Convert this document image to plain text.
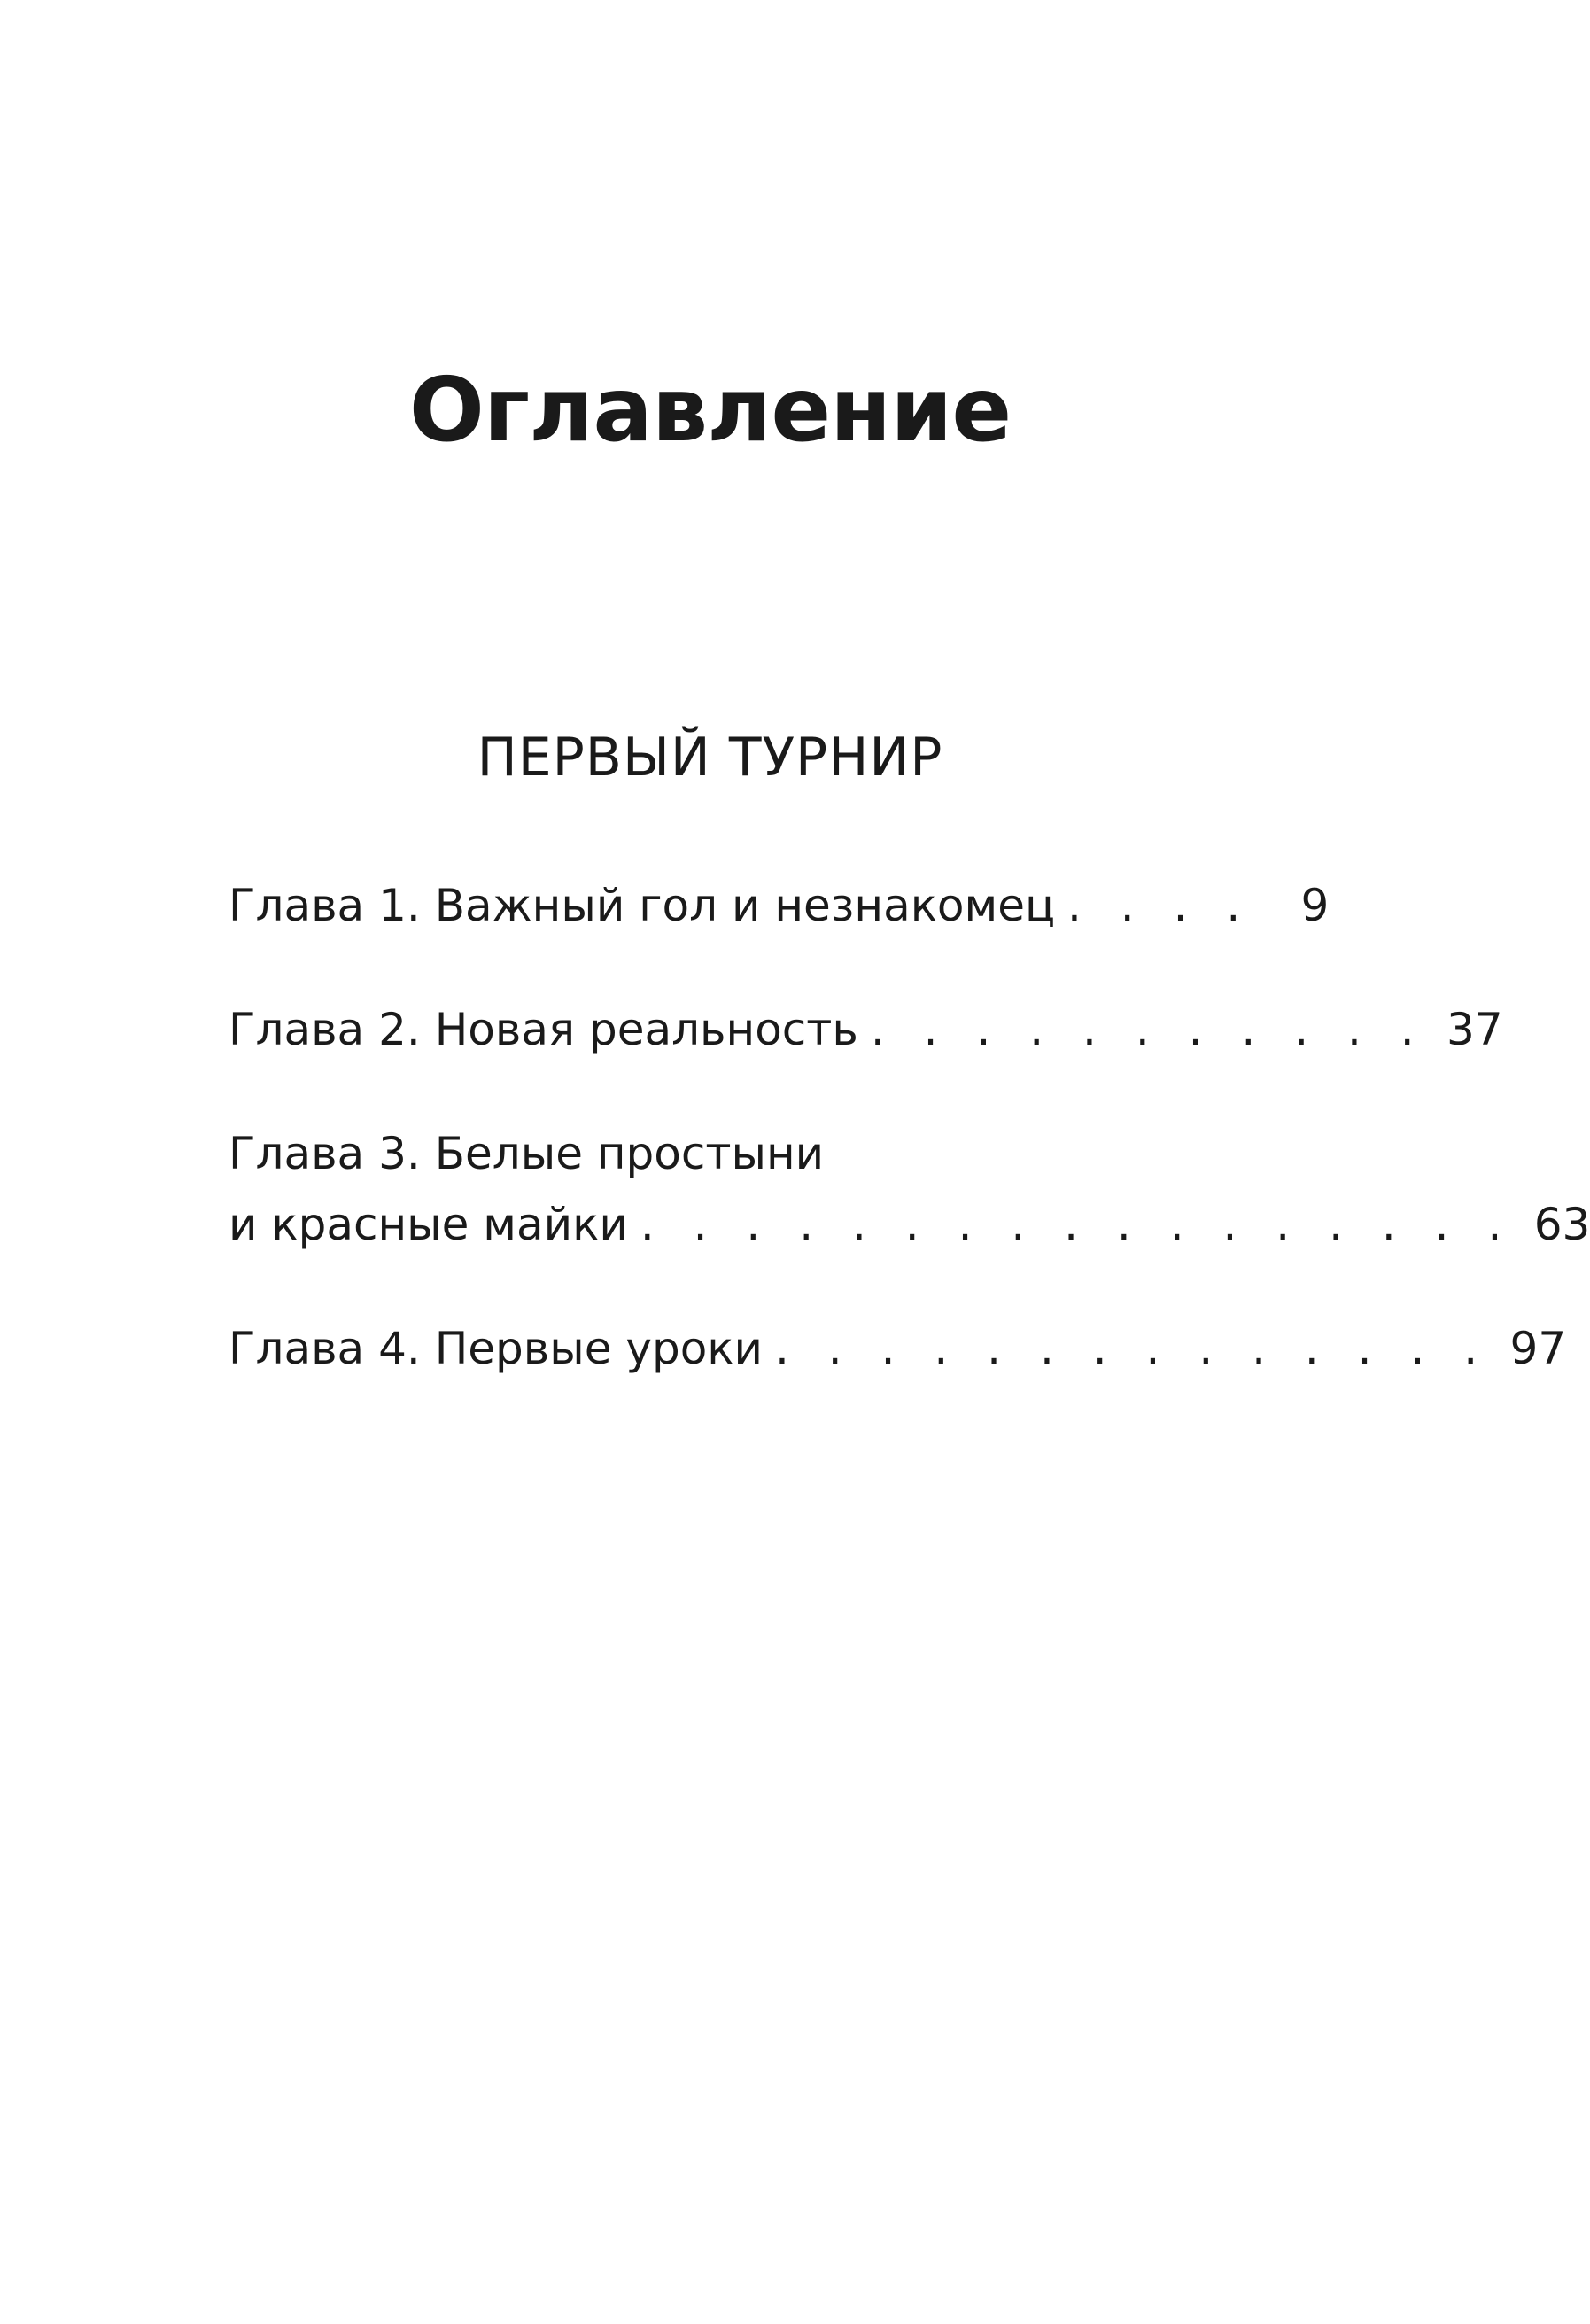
Оглавление
ПЕРВЫЙ ТУРНИР
Глава 1. Важный гол и незнакомец . . . .	9
Глава 2. Новая реальность . . . . . . . . . . . 37
Глава 3. Белые простыни
и красные майки . . . . . . . . . . . . . . . . . 63
Глава 4. Первые уроки . . . . . . . . . . . . . . 97
